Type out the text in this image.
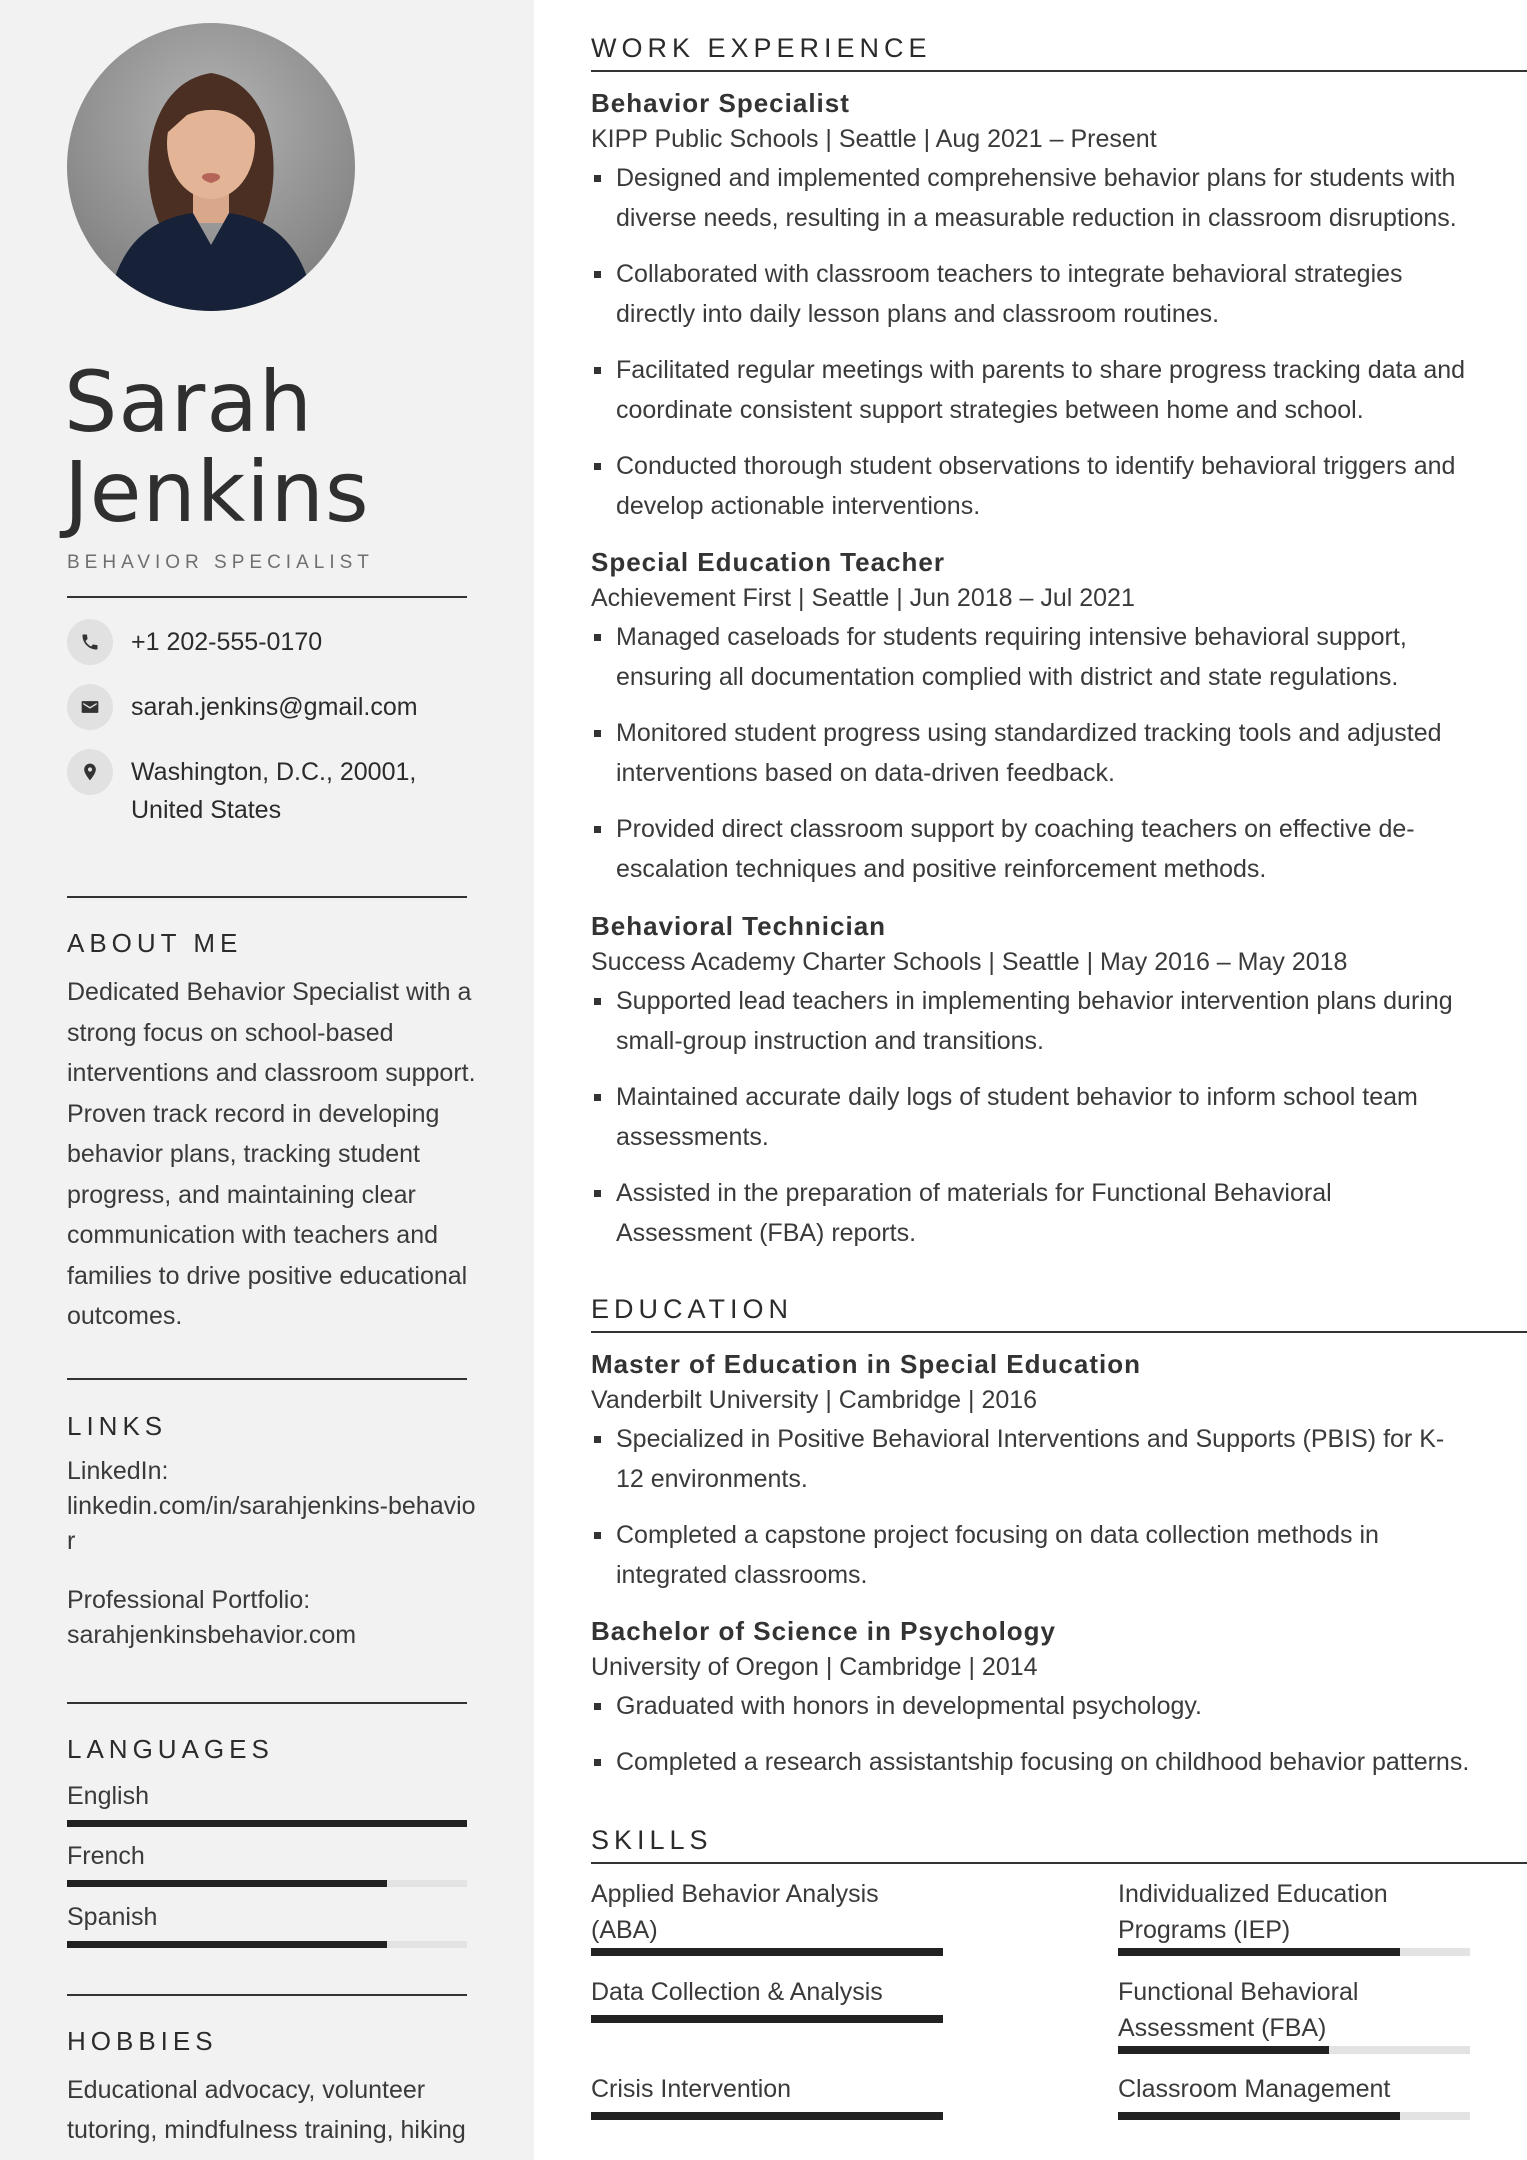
Sarah
Jenkins
BEHAVIOR SPECIALIST
+1 202-555-0170
sarah.jenkins@gmail.com
Washington, D.C., 20001,
United States
ABOUT ME
Dedicated Behavior Specialist with a strong focus on school-based interventions and classroom support. Proven track record in developing behavior plans, tracking student progress, and maintaining clear communication with teachers and families to drive positive educational outcomes.
LINKS
LinkedIn:
linkedin.com/in/sarahjenkins-behavior
Professional Portfolio:
sarahjenkinsbehavior.com
LANGUAGES
English
French
Spanish
HOBBIES
Educational advocacy, volunteer tutoring, mindfulness training, hiking
WORK EXPERIENCE
Behavior Specialist
KIPP Public Schools | Seattle | Aug 2021 – Present
Designed and implemented comprehensive behavior plans for students with diverse needs, resulting in a measurable reduction in classroom disruptions.
Collaborated with classroom teachers to integrate behavioral strategies directly into daily lesson plans and classroom routines.
Facilitated regular meetings with parents to share progress tracking data and coordinate consistent support strategies between home and school.
Conducted thorough student observations to identify behavioral triggers and develop actionable interventions.
Special Education Teacher
Achievement First | Seattle | Jun 2018 – Jul 2021
Managed caseloads for students requiring intensive behavioral support, ensuring all documentation complied with district and state regulations.
Monitored student progress using standardized tracking tools and adjusted interventions based on data-driven feedback.
Provided direct classroom support by coaching teachers on effective de-escalation techniques and positive reinforcement methods.
Behavioral Technician
Success Academy Charter Schools | Seattle | May 2016 – May 2018
Supported lead teachers in implementing behavior intervention plans during small-group instruction and transitions.
Maintained accurate daily logs of student behavior to inform school team assessments.
Assisted in the preparation of materials for Functional Behavioral Assessment (FBA) reports.
EDUCATION
Master of Education in Special Education
Vanderbilt University | Cambridge | 2016
Specialized in Positive Behavioral Interventions and Supports (PBIS) for K-12 environments.
Completed a capstone project focusing on data collection methods in integrated classrooms.
Bachelor of Science in Psychology
University of Oregon | Cambridge | 2014
Graduated with honors in developmental psychology.
Completed a research assistantship focusing on childhood behavior patterns.
SKILLS
Applied Behavior Analysis (ABA)
Individualized Education Programs (IEP)
Data Collection & Analysis	Functional Behavioral Assessment (FBA)
Crisis Intervention	Classroom Management
